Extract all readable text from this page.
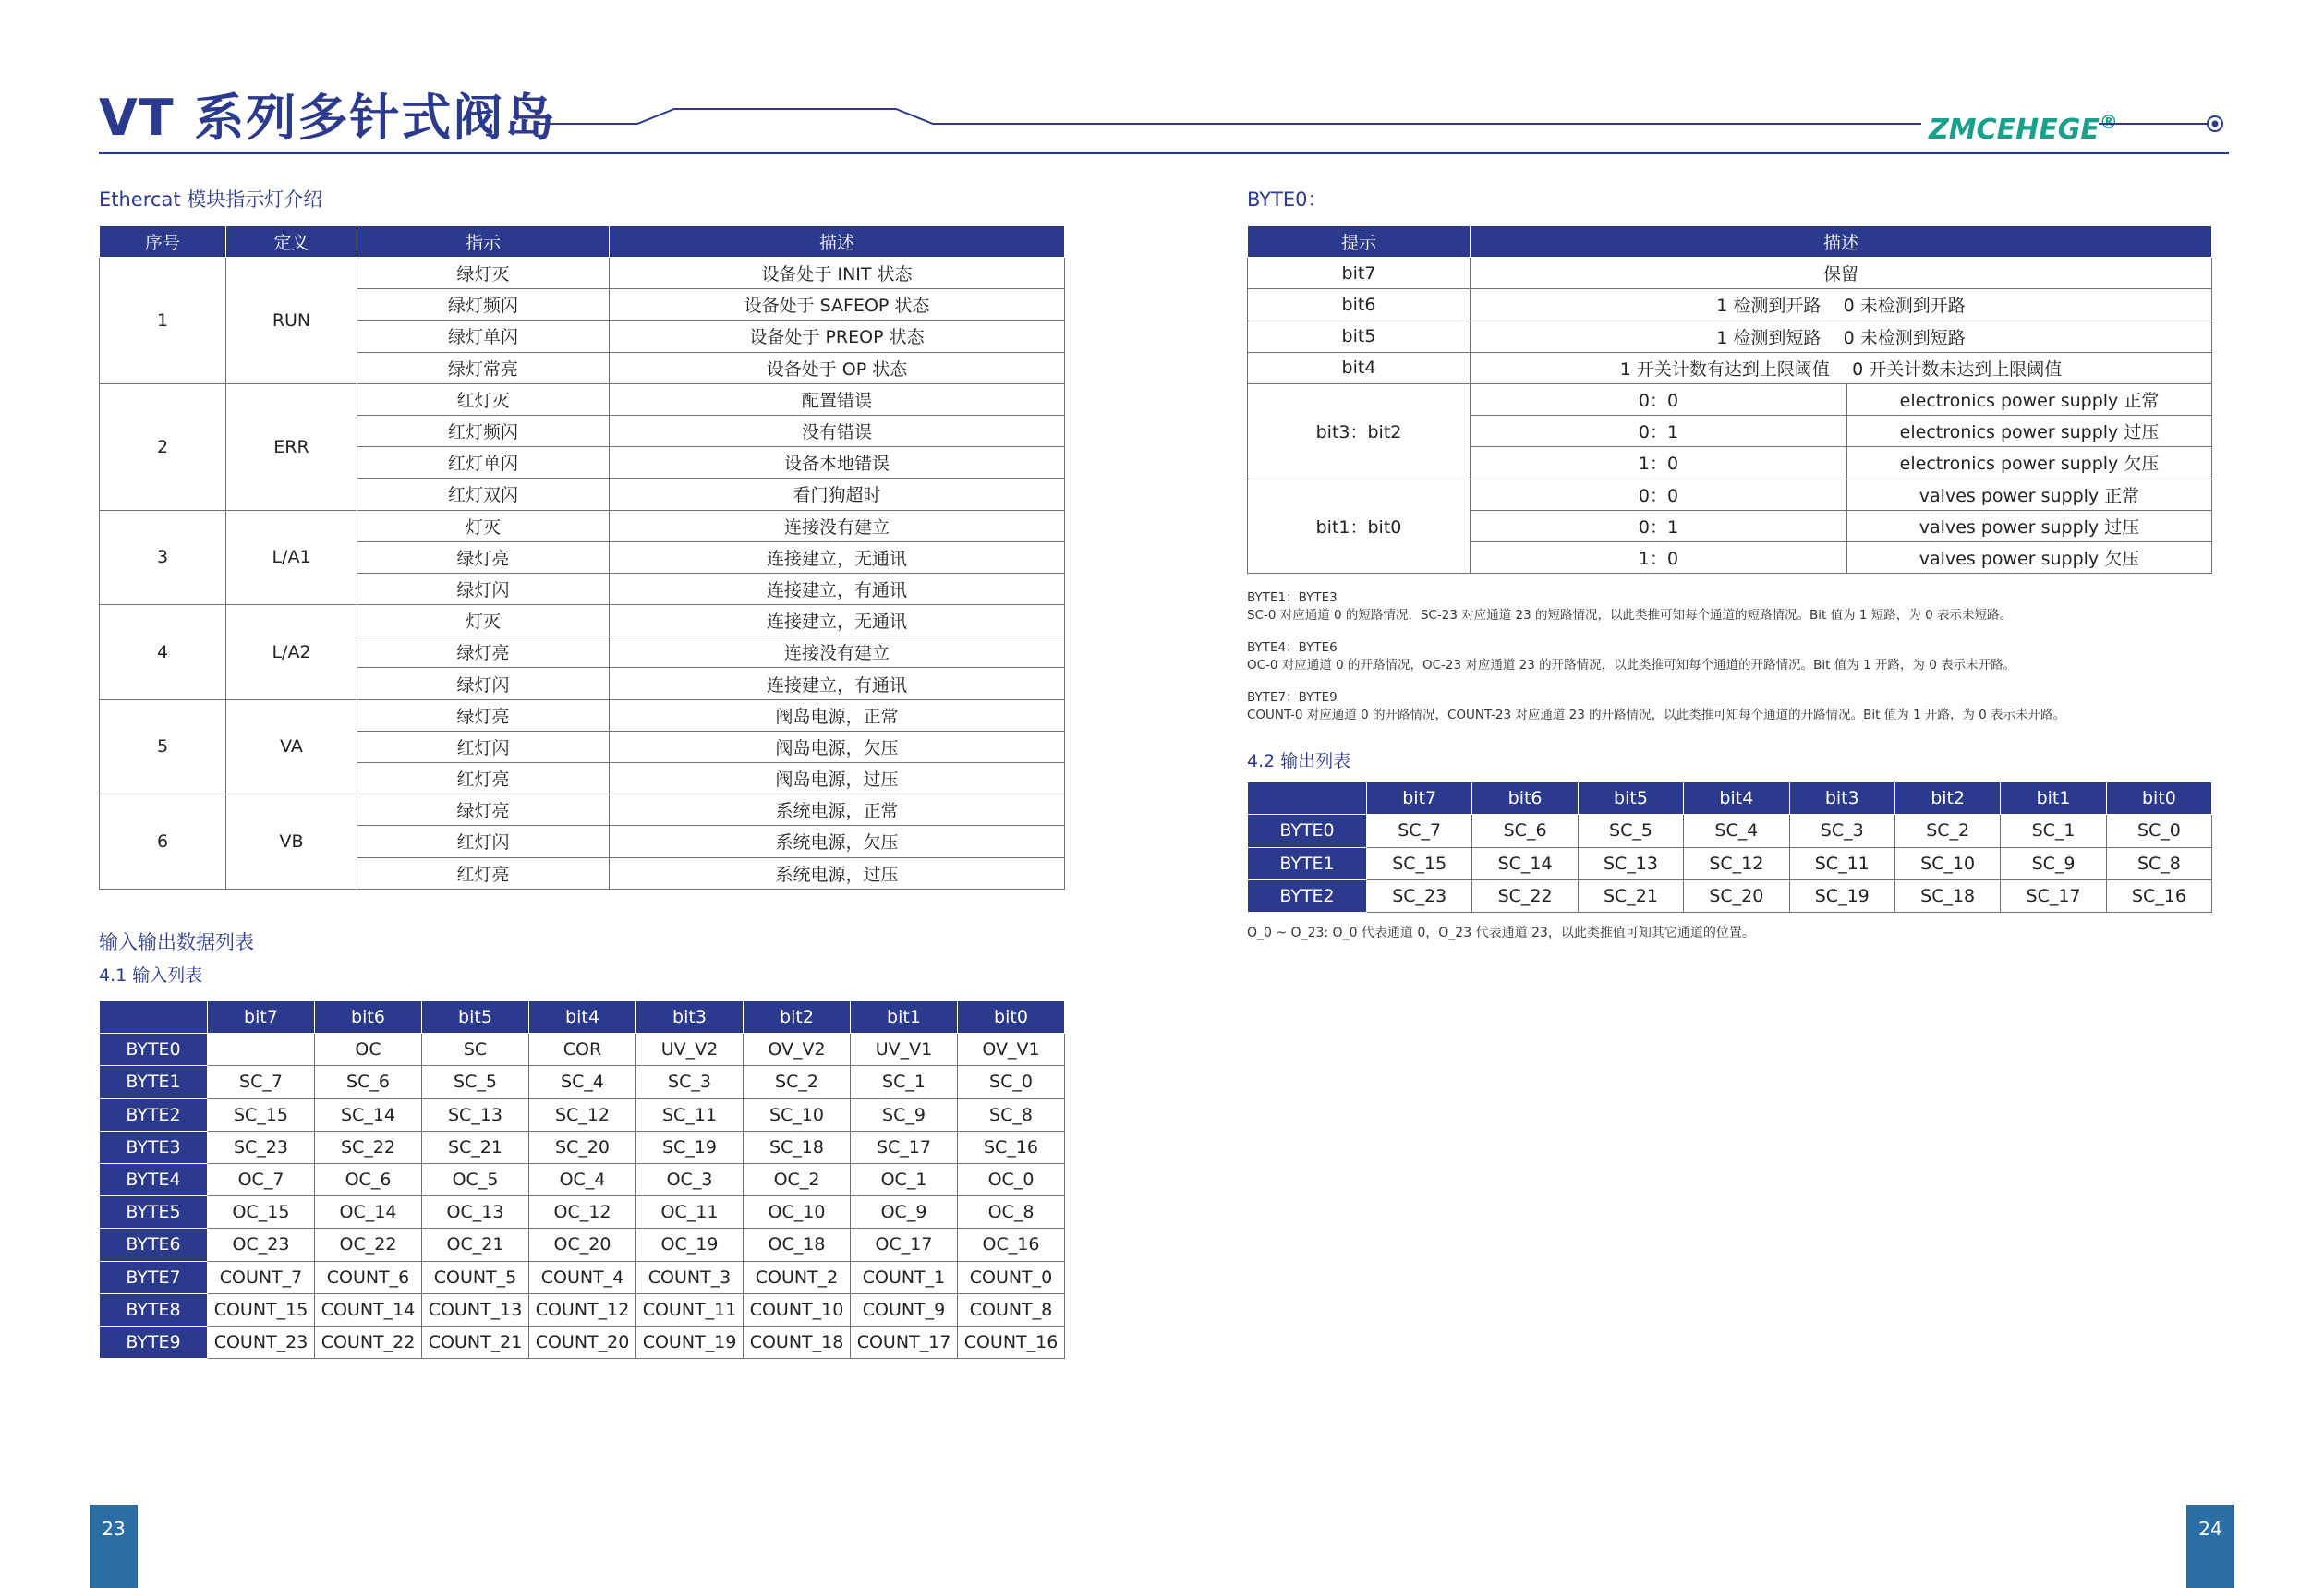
VT 系列多针式阀岛	ZMCEHEGE®
Ethercat 模块指示灯介绍
序号	定义	指示	描述
1	RUN	绿灯灭	设备处于 INIT 状态
		绿灯频闪	设备处于 SAFEOP 状态
		绿灯单闪	设备处于 PREOP 状态
		绿灯常亮	设备处于 OP 状态
2	ERR	红灯灭	配置错误
		红灯频闪	没有错误
		红灯单闪	设备本地错误
		红灯双闪	看门狗超时
3	L/A1	灯灭	连接没有建立
		绿灯亮	连接建立，无通讯
		绿灯闪	连接建立，有通讯
4	L/A2	灯灭	连接建立，无通讯
		绿灯亮	连接没有建立
		绿灯闪	连接建立，有通讯
5	VA	绿灯亮	阀岛电源，正常
		红灯闪	阀岛电源，欠压
		红灯亮	阀岛电源，过压
6	VB	绿灯亮	系统电源，正常
		红灯闪	系统电源，欠压
		红灯亮	系统电源，过压
输入输出数据列表
4.1 输入列表
	bit7	bit6	bit5	bit4	bit3	bit2	bit1	bit0
BYTE0		OC	SC	COR	UV_V2	OV_V2	UV_V1	OV_V1
BYTE1	SC_7	SC_6	SC_5	SC_4	SC_3	SC_2	SC_1	SC_0
BYTE2	SC_15	SC_14	SC_13	SC_12	SC_11	SC_10	SC_9	SC_8
BYTE3	SC_23	SC_22	SC_21	SC_20	SC_19	SC_18	SC_17	SC_16
BYTE4	OC_7	OC_6	OC_5	OC_4	OC_3	OC_2	OC_1	OC_0
BYTE5	OC_15	OC_14	OC_13	OC_12	OC_11	OC_10	OC_9	OC_8
BYTE6	OC_23	OC_22	OC_21	OC_20	OC_19	OC_18	OC_17	OC_16
BYTE7	COUNT_7	COUNT_6	COUNT_5	COUNT_4	COUNT_3	COUNT_2	COUNT_1	COUNT_0
BYTE8	COUNT_15	COUNT_14	COUNT_13	COUNT_12	COUNT_11	COUNT_10	COUNT_9	COUNT_8
BYTE9	COUNT_23	COUNT_22	COUNT_21	COUNT_20	COUNT_19	COUNT_18	COUNT_17	COUNT_16
BYTE0：
提示	描述	
bit7	保留	
bit6	1 检测到开路    0 未检测到开路	
bit5	1 检测到短路    0 未检测到短路	
bit4	1 开关计数有达到上限阈值    0 开关计数未达到上限阈值	
bit3：bit2	0：0	electronics power supply 正常
	0：1	electronics power supply 过压
	1：0	electronics power supply 欠压
bit1：bit0	0：0	valves power supply 正常
	0：1	valves power supply 过压
	1：0	valves power supply 欠压
BYTE1：BYTE3
SC-0 对应通道 0 的短路情况，SC-23 对应通道 23 的短路情况，以此类推可知每个通道的短路情况。Bit 值为 1 短路，为 0 表示未短路。
BYTE4：BYTE6
OC-0 对应通道 0 的开路情况，OC-23 对应通道 23 的开路情况，以此类推可知每个通道的开路情况。Bit 值为 1 开路，为 0 表示未开路。
BYTE7：BYTE9
COUNT-0 对应通道 0 的开路情况，COUNT-23 对应通道 23 的开路情况，以此类推可知每个通道的开路情况。Bit 值为 1 开路，为 0 表示未开路。
4.2 输出列表
	bit7	bit6	bit5	bit4	bit3	bit2	bit1	bit0
BYTE0	SC_7	SC_6	SC_5	SC_4	SC_3	SC_2	SC_1	SC_0
BYTE1	SC_15	SC_14	SC_13	SC_12	SC_11	SC_10	SC_9	SC_8
BYTE2	SC_23	SC_22	SC_21	SC_20	SC_19	SC_18	SC_17	SC_16
O_0 ~ O_23: O_0 代表通道 0，O_23 代表通道 23，以此类推值可知其它通道的位置。
23	24
